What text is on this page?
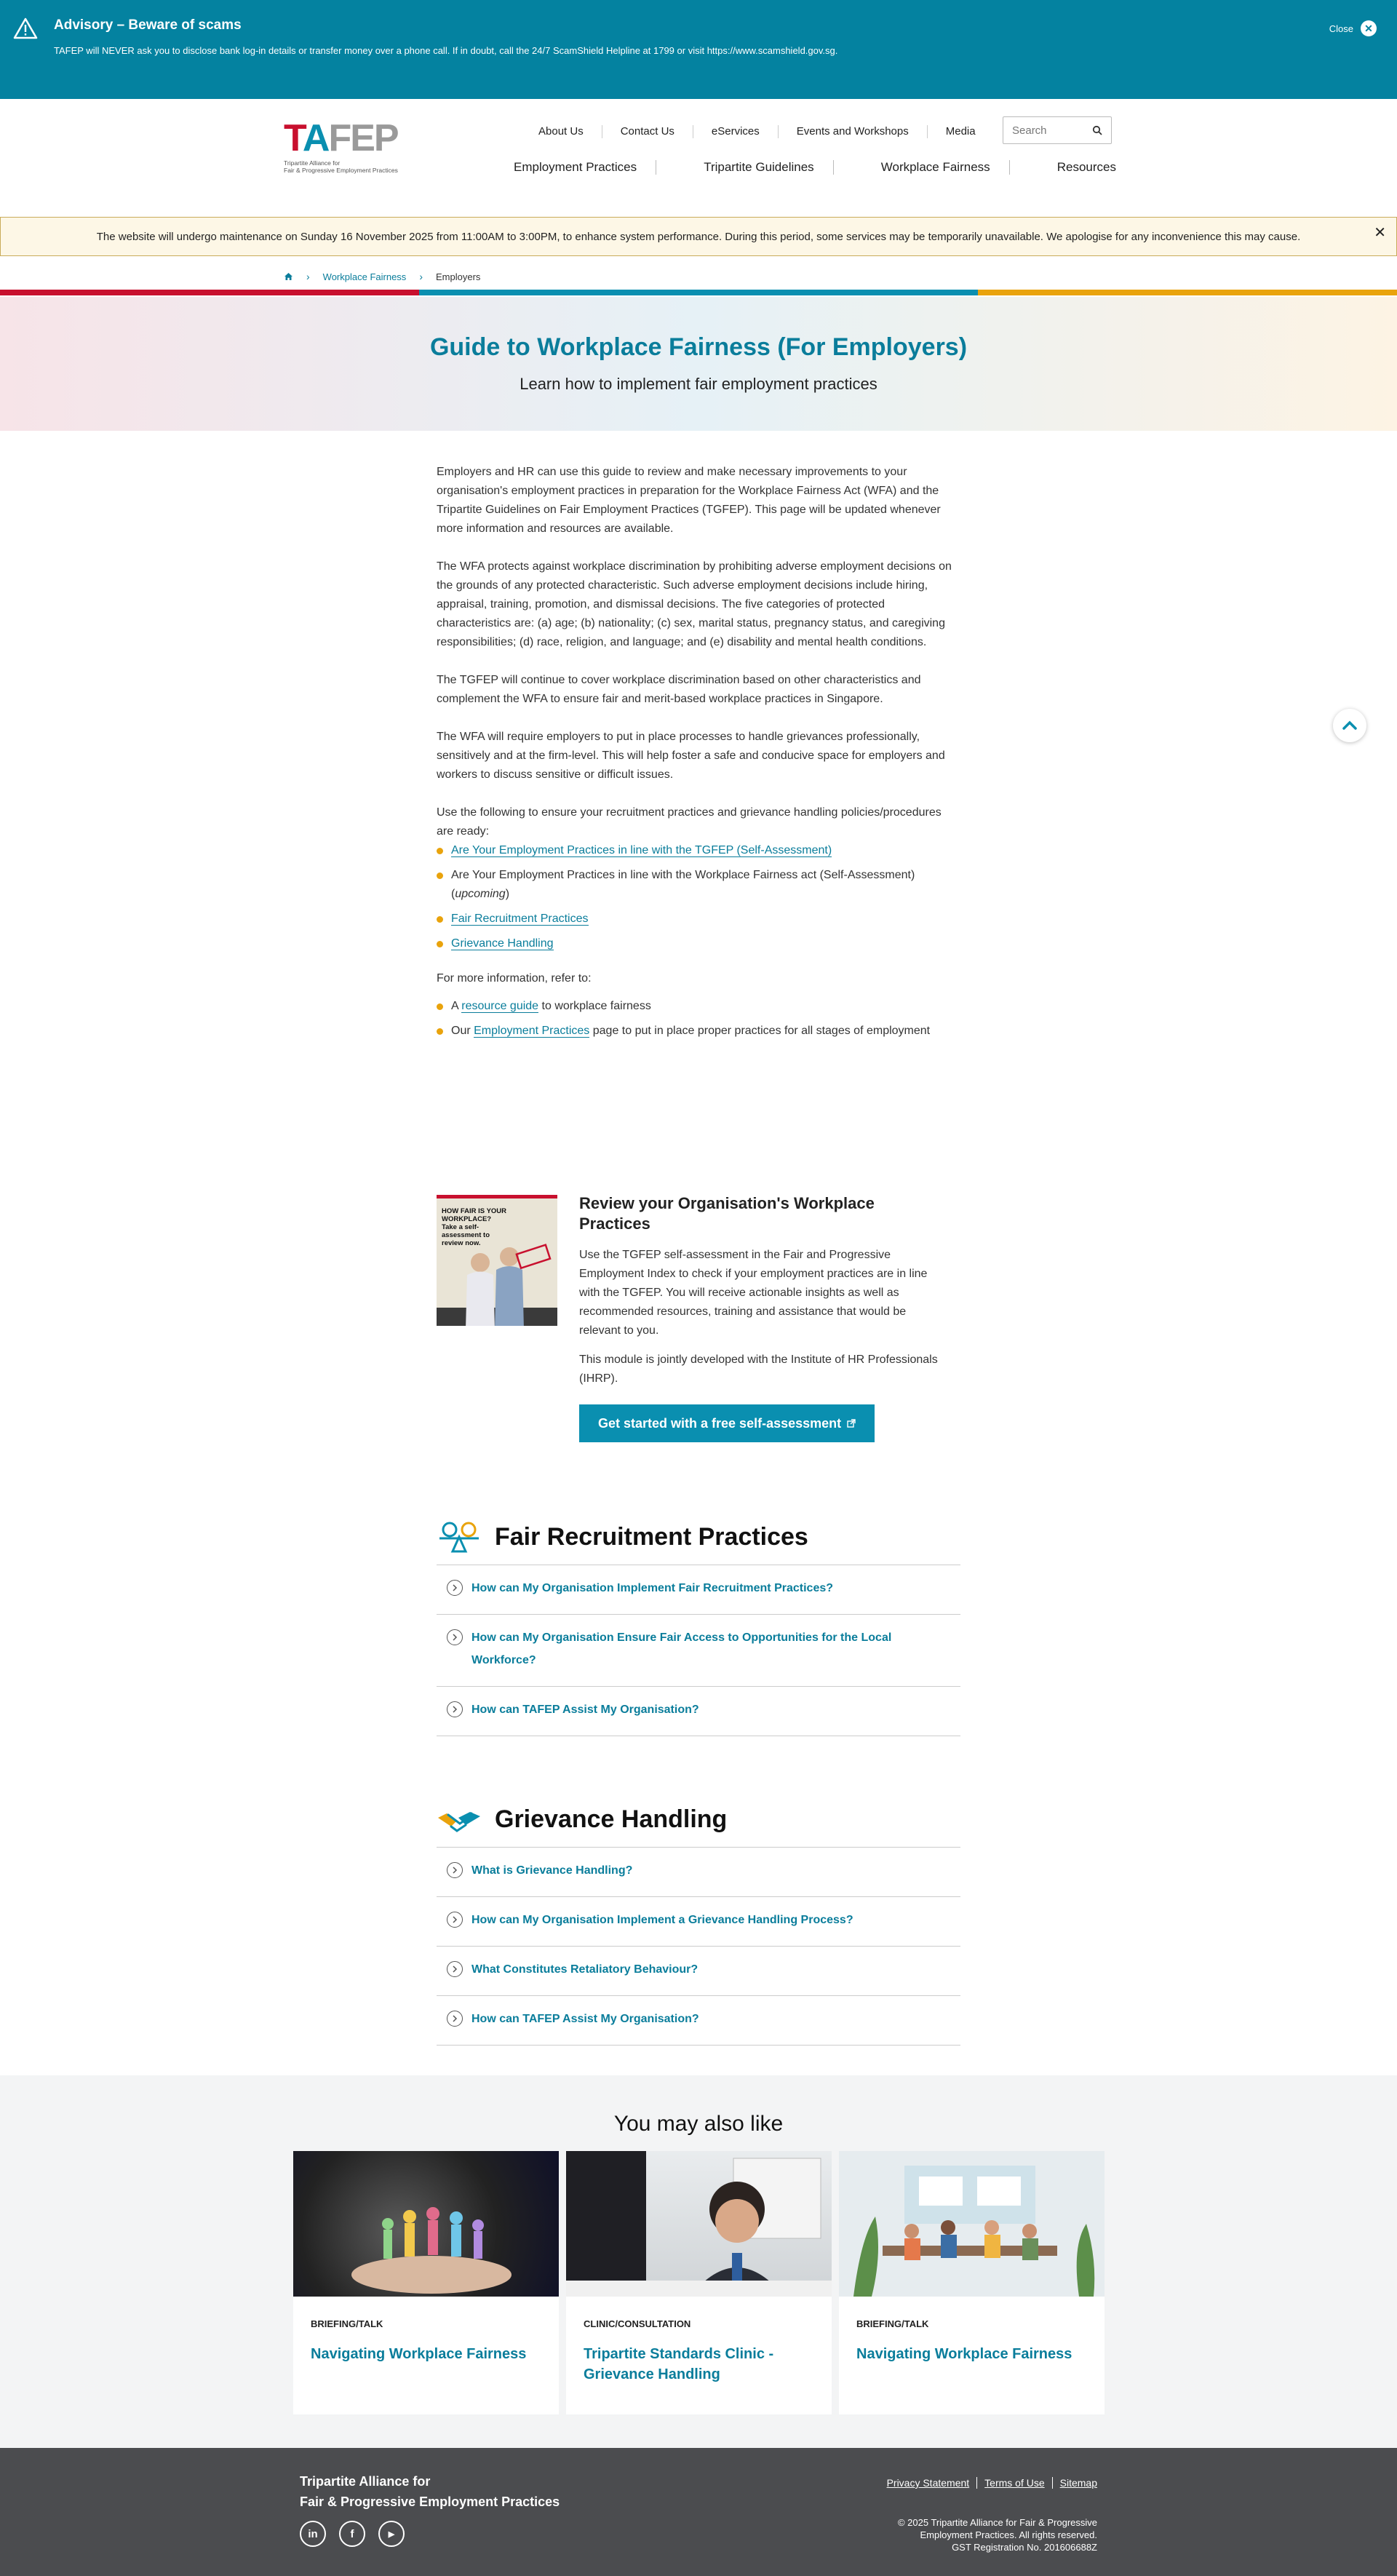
Advisory – Beware of scams
TAFEP will NEVER ask you to disclose bank log-in details or transfer money over a phone call. If in doubt, call the 24/7 ScamShield Helpline at 1799 or visit https://www.scamshield.gov.sg.
Close	✕
TAFEP
Tripartite Alliance for
Fair & Progressive Employment Practices
About Us	Contact Us	eServices	Events and Workshops	Media	Search
Employment Practices	Tripartite Guidelines	Workplace Fairness	Resources
The website will undergo maintenance on Sunday 16 November 2025 from 11:00AM to 3:00PM, to enhance system performance. During this period, some services may be temporarily unavailable. We apologise for any inconvenience this may cause.	✕
› Workplace Fairness › Employers
Guide to Workplace Fairness (For Employers)
Learn how to implement fair employment practices

Employers and HR can use this guide to review and make necessary improvements to your organisation's employment practices in preparation for the Workplace Fairness Act (WFA) and the Tripartite Guidelines on Fair Employment Practices (TGFEP). This page will be updated whenever more information and resources are available.

The WFA protects against workplace discrimination by prohibiting adverse employment decisions on the grounds of any protected characteristic. Such adverse employment decisions include hiring, appraisal, training, promotion, and dismissal decisions. The five categories of protected characteristics are: (a) age; (b) nationality; (c) sex, marital status, pregnancy status, and caregiving responsibilities; (d) race, religion, and language; and (e) disability and mental health conditions.

The TGFEP will continue to cover workplace discrimination based on other characteristics and complement the WFA to ensure fair and merit-based workplace practices in Singapore.

The WFA will require employers to put in place processes to handle grievances professionally, sensitively and at the firm-level. This will help foster a safe and conducive space for employers and workers to discuss sensitive or difficult issues.

Use the following to ensure your recruitment practices and grievance handling policies/procedures are ready:

Are Your Employment Practices in line with the TGFEP (Self-Assessment)
Are Your Employment Practices in line with the Workplace Fairness act (Self-Assessment) (upcoming)
Fair Recruitment Practices
Grievance Handling

For more information, refer to:

A resource guide to workplace fairness
Our Employment Practices page to put in place proper practices for all stages of employment
HOW FAIR IS YOUR WORKPLACE? Take a self-assessment to review now.
Review your Organisation's Workplace Practices

Use the TGFEP self-assessment in the Fair and Progressive Employment Index to check if your employment practices are in line with the TGFEP. You will receive actionable insights as well as recommended resources, training and assistance that would be relevant to you.

This module is jointly developed with the Institute of HR Professionals (IHRP).

Get started with a free self-assessment
Fair Recruitment Practices
How can My Organisation Implement Fair Recruitment Practices?
How can My Organisation Ensure Fair Access to Opportunities for the Local Workforce?
How can TAFEP Assist My Organisation?
Grievance Handling
What is Grievance Handling?
How can My Organisation Implement a Grievance Handling Process?
What Constitutes Retaliatory Behaviour?
How can TAFEP Assist My Organisation?
You may also like
BRIEFING/TALK
Navigating Workplace Fairness
CLINIC/CONSULTATION
Tripartite Standards Clinic - Grievance Handling
BRIEFING/TALK
Navigating Workplace Fairness
Tripartite Alliance for
Fair & Progressive Employment Practices
in	f	▶
Privacy Statement	Terms of Use	Sitemap
© 2025 Tripartite Alliance for Fair & Progressive
Employment Practices. All rights reserved.
GST Registration No. 201606688Z
